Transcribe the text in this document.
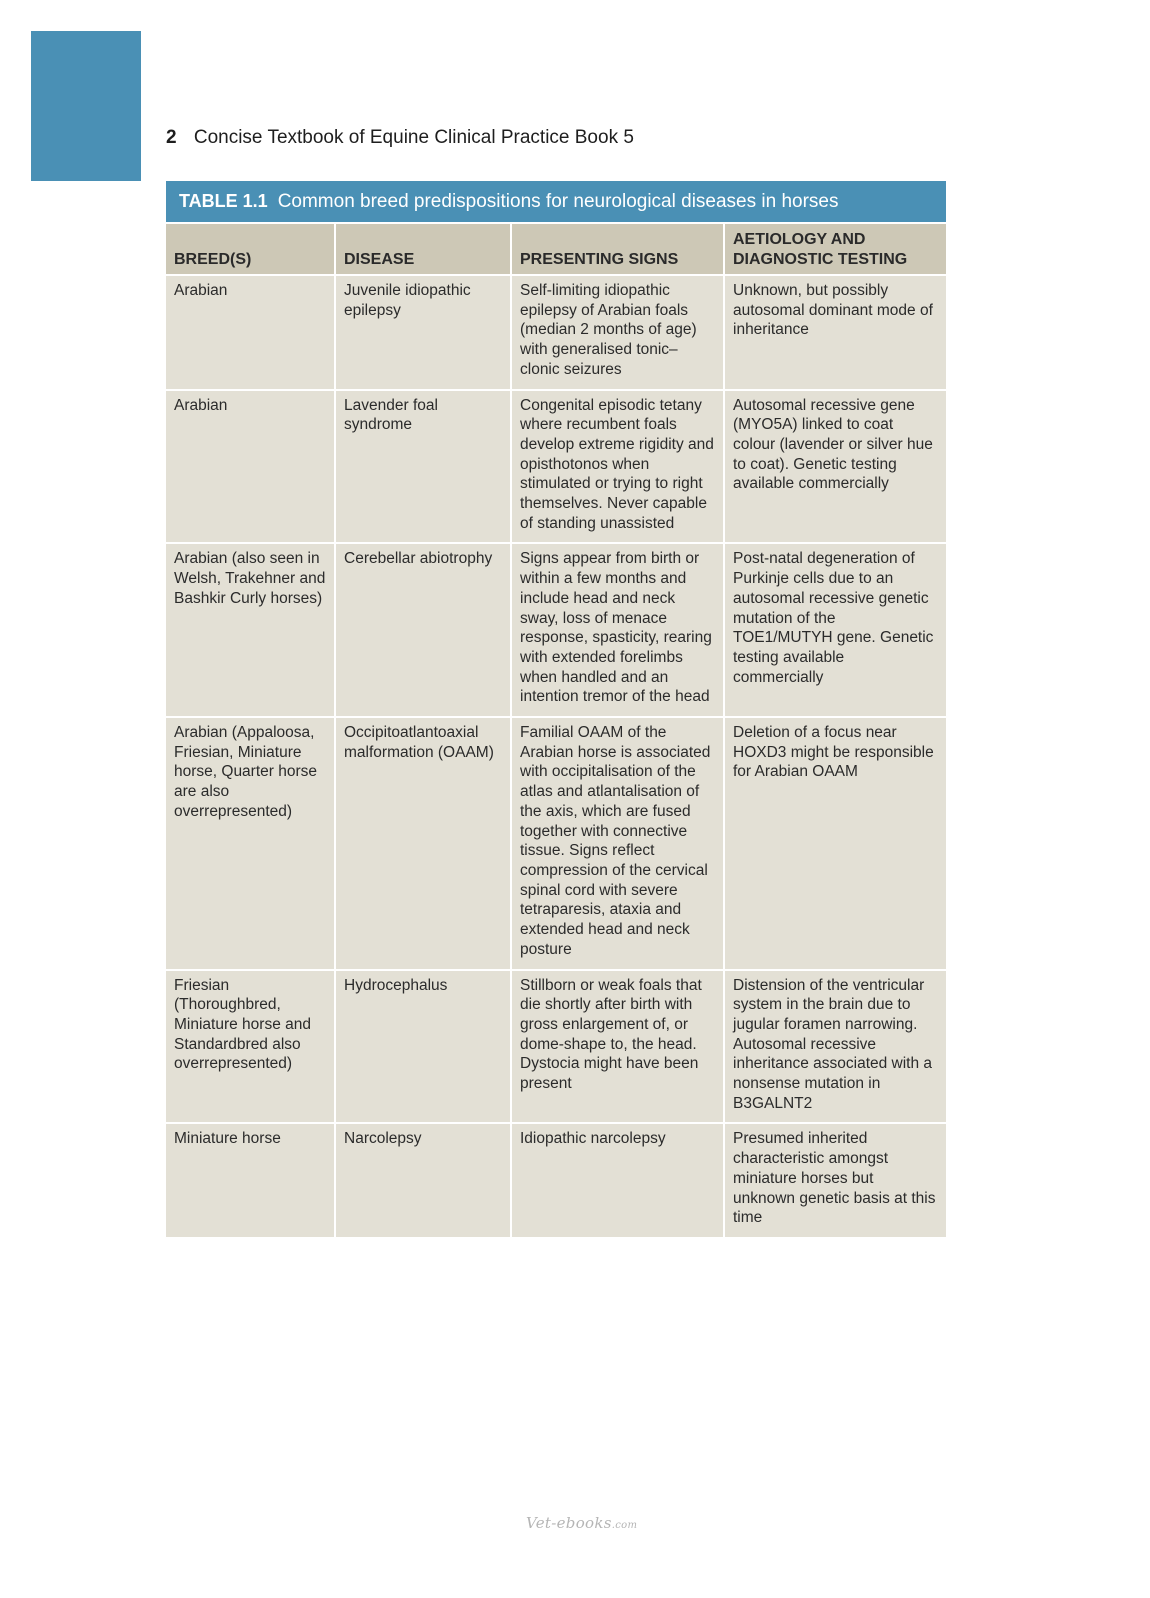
2 Concise Textbook of Equine Clinical Practice Book 5
TABLE 1.1 Common breed predispositions for neurological diseases in horses
BREED(S)	DISEASE	PRESENTING SIGNS	AETIOLOGY AND DIAGNOSTIC TESTING
Arabian	Juvenile idiopathic epilepsy	Self-limiting idiopathic epilepsy of Arabian foals (median 2 months of age) with generalised tonic–clonic seizures	Unknown, but possibly autosomal dominant mode of inheritance
Arabian	Lavender foal syndrome	Congenital episodic tetany where recumbent foals develop extreme rigidity and opisthotonos when stimulated or trying to right themselves. Never capable of standing unassisted	Autosomal recessive gene (MYO5A) linked to coat colour (lavender or silver hue to coat). Genetic testing available commercially
Arabian (also seen in Welsh, Trakehner and Bashkir Curly horses)	Cerebellar abiotrophy	Signs appear from birth or within a few months and include head and neck sway, loss of menace response, spasticity, rearing with extended forelimbs when handled and an intention tremor of the head	Post-natal degeneration of Purkinje cells due to an autosomal recessive genetic mutation of the TOE1/MUTYH gene. Genetic testing available commercially
Arabian (Appaloosa, Friesian, Miniature horse, Quarter horse are also overrepresented)	Occipitoatlantoaxial malformation (OAAM)	Familial OAAM of the Arabian horse is associated with occipitalisation of the atlas and atlantalisation of the axis, which are fused together with connective tissue. Signs reflect compression of the cervical spinal cord with severe tetraparesis, ataxia and extended head and neck posture	Deletion of a focus near HOXD3 might be responsible for Arabian OAAM
Friesian (Thoroughbred, Miniature horse and Standardbred also overrepresented)	Hydrocephalus	Stillborn or weak foals that die shortly after birth with gross enlargement of, or dome-shape to, the head. Dystocia might have been present	Distension of the ventricular system in the brain due to jugular foramen narrowing. Autosomal recessive inheritance associated with a nonsense mutation in B3GALNT2
Miniature horse	Narcolepsy	Idiopathic narcolepsy	Presumed inherited characteristic amongst miniature horses but unknown genetic basis at this time
Vet-ebooks.com
